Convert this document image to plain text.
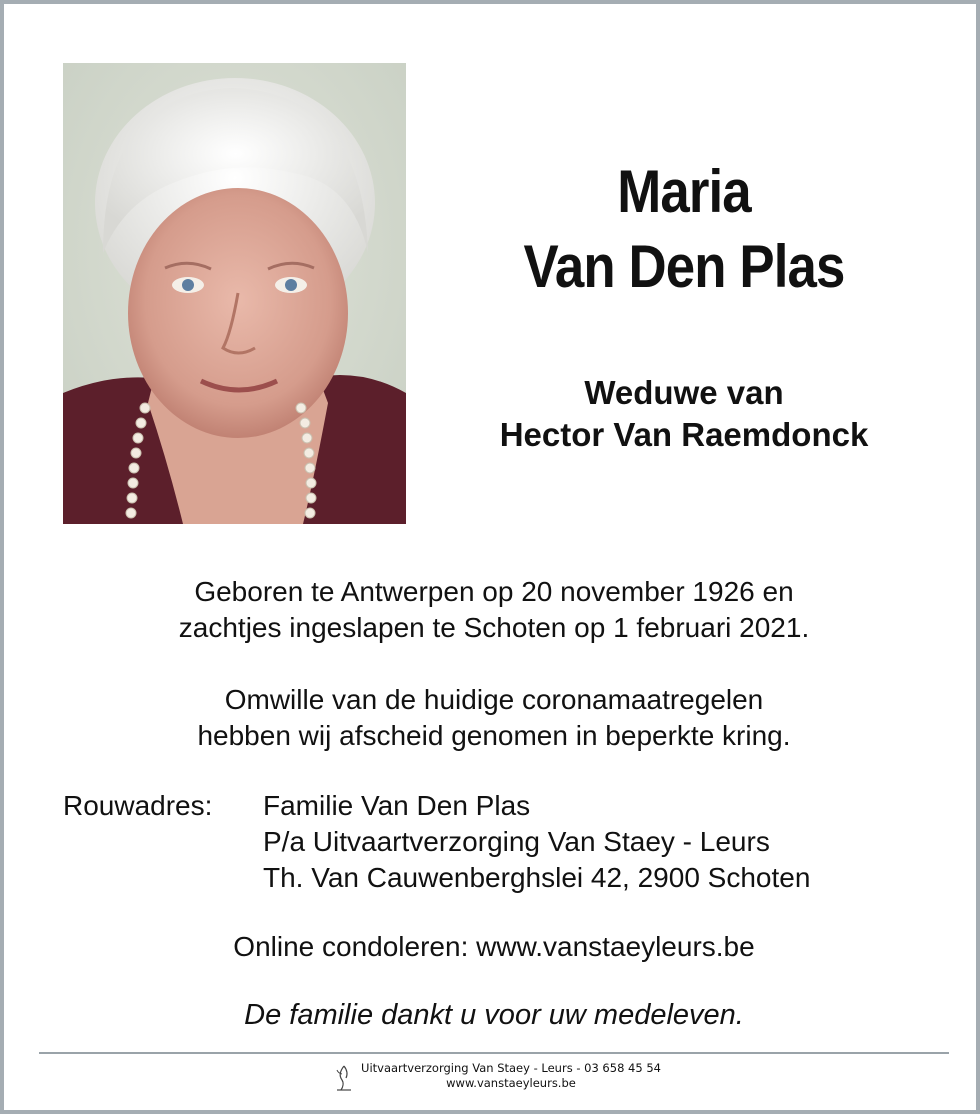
Maria
Van Den Plas
Weduwe van
Hector Van Raemdonck
Geboren te Antwerpen op 20 november 1926 en
zachtjes ingeslapen te Schoten op 1 februari 2021.
Omwille van de huidige coronamaatregelen
hebben wij afscheid genomen in beperkte kring.
Rouwadres: Familie Van Den Plas
P/a Uitvaartverzorging Van Staey - Leurs
Th. Van Cauwenberghslei 42, 2900 Schoten
Online condoleren: www.vanstaeyleurs.be
De familie dankt u voor uw medeleven.
Uitvaartverzorging Van Staey - Leurs - 03 658 45 54
www.vanstaeyleurs.be
